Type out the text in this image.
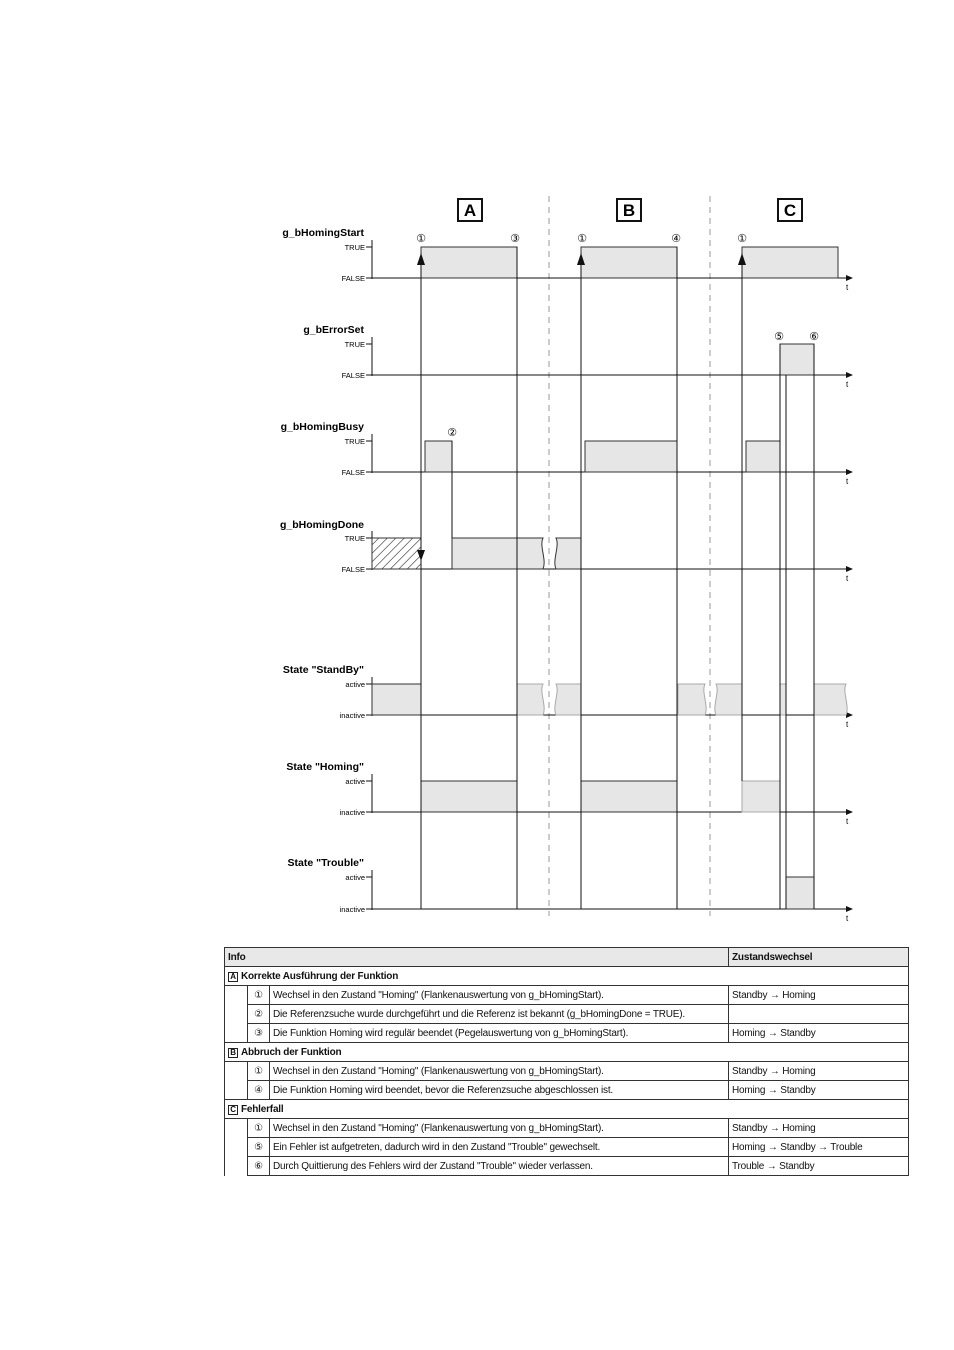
A	B	C
g_bHomingStart
TRUE
FALSE
t
①	③	①	④	①
g_bErrorSet
TRUE
FALSE
t
⑤ ⑥
g_bHomingBusy
TRUE
FALSE
t
②
g_bHomingDone
TRUE
FALSE
t
State "StandBy"
active
inactive
t
State "Homing"
active
inactive
t
State "Trouble"
active
inactive
t
Info			Zustandswechsel
A Korrekte Ausführung der Funktion			
	①	Wechsel in den Zustand "Homing" (Flankenauswertung von g_bHomingStart).	Standby → Homing
	②	Die Referenzsuche wurde durchgeführt und die Referenz ist bekannt (g_bHomingDone = TRUE).	
	③	Die Funktion Homing wird regulär beendet (Pegelauswertung von g_bHomingStart).	Homing → Standby
B Abbruch der Funktion			
	①	Wechsel in den Zustand "Homing" (Flankenauswertung von g_bHomingStart).	Standby → Homing
	④	Die Funktion Homing wird beendet, bevor die Referenzsuche abgeschlossen ist.	Homing → Standby
C Fehlerfall			
	①	Wechsel in den Zustand "Homing" (Flankenauswertung von g_bHomingStart).	Standby → Homing
	⑤	Ein Fehler ist aufgetreten, dadurch wird in den Zustand "Trouble" gewechselt.	Homing → Standby → Trouble
	⑥	Durch Quittierung des Fehlers wird der Zustand "Trouble" wieder verlassen.	Trouble → Standby
